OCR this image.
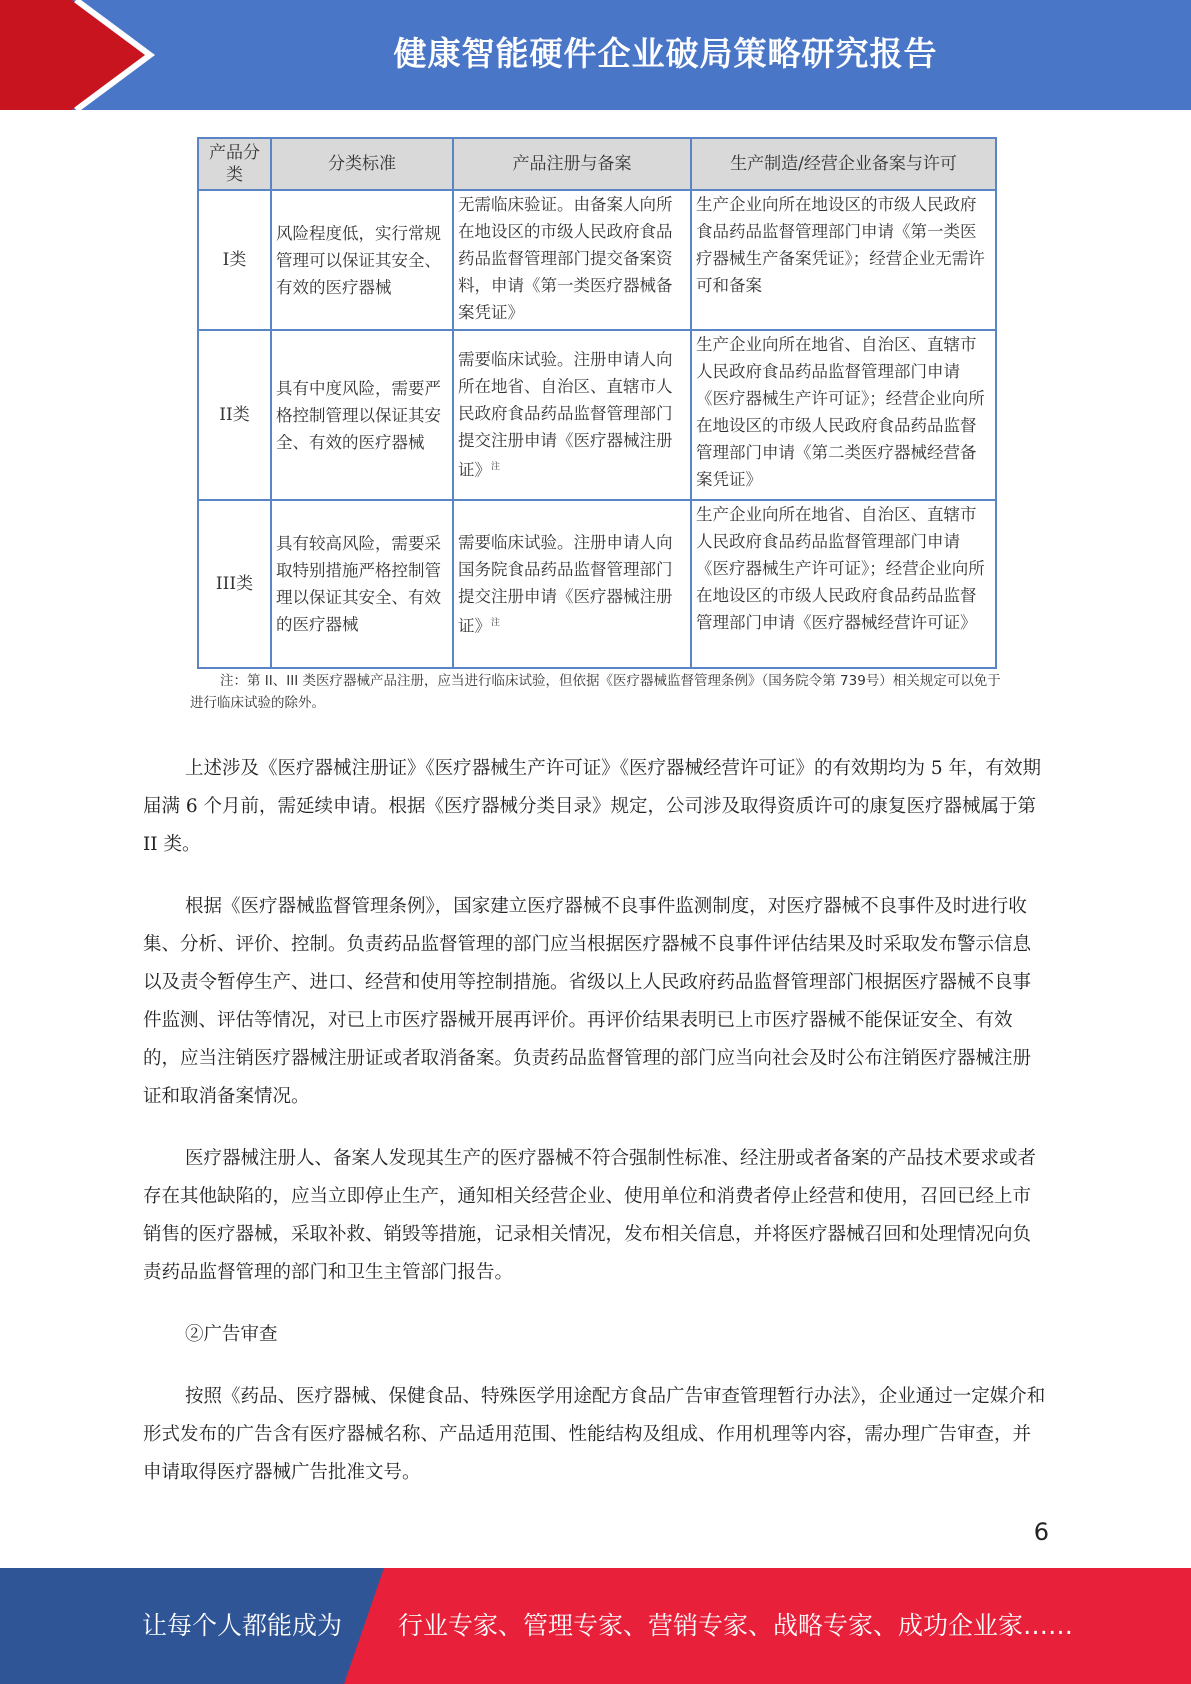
健康智能硬件企业破局策略研究报告
产品分类	分类标准	产品注册与备案	生产制造/经营企业备案与许可
I类	风险程度低，实行常规管理可以保证其安全、有效的医疗器械	无需临床验证。由备案人向所在地设区的市级人民政府食品药品监督管理部门提交备案资料，申请《第一类医疗器械备案凭证》	生产企业向所在地设区的市级人民政府食品药品监督管理部门申请《第一类医疗器械生产备案凭证》；经营企业无需许可和备案
II类	具有中度风险，需要严格控制管理以保证其安全、有效的医疗器械	需要临床试验。注册申请人向所在地省、自治区、直辖市人民政府食品药品监督管理部门提交注册申请《医疗器械注册证》$^注$	生产企业向所在地省、自治区、直辖市人民政府食品药品监督管理部门申请《医疗器械生产许可证》；经营企业向所在地设区的市级人民政府食品药品监督管理部门申请《第二类医疗器械经营备案凭证》
III类	具有较高风险，需要采取特别措施严格控制管理以保证其安全、有效的医疗器械	需要临床试验。注册申请人向国务院食品药品监督管理部门提交注册申请《医疗器械注册证》$^注$	生产企业向所在地省、自治区、直辖市人民政府食品药品监督管理部门申请《医疗器械生产许可证》；经营企业向所在地设区的市级人民政府食品药品监督管理部门申请《医疗器械经营许可证》
注：第 II、III 类医疗器械产品注册，应当进行临床试验，但依据《医疗器械监督管理条例》（国务院令第 739号）相关规定可以免于进行临床试验的除外。

上述涉及《医疗器械注册证》《医疗器械生产许可证》《医疗器械经营许可证》的有效期均为 5 年，有效期届满 6 个月前，需延续申请。根据《医疗器械分类目录》规定，公司涉及取得资质许可的康复医疗器械属于第 II 类。

根据《医疗器械监督管理条例》，国家建立医疗器械不良事件监测制度，对医疗器械不良事件及时进行收集、分析、评价、控制。负责药品监督管理的部门应当根据医疗器械不良事件评估结果及时采取发布警示信息以及责令暂停生产、进口、经营和使用等控制措施。省级以上人民政府药品监督管理部门根据医疗器械不良事件监测、评估等情况，对已上市医疗器械开展再评价。再评价结果表明已上市医疗器械不能保证安全、有效的，应当注销医疗器械注册证或者取消备案。负责药品监督管理的部门应当向社会及时公布注销医疗器械注册证和取消备案情况。

医疗器械注册人、备案人发现其生产的医疗器械不符合强制性标准、经注册或者备案的产品技术要求或者存在其他缺陷的，应当立即停止生产，通知相关经营企业、使用单位和消费者停止经营和使用，召回已经上市销售的医疗器械，采取补救、销毁等措施，记录相关情况，发布相关信息，并将医疗器械召回和处理情况向负责药品监督管理的部门和卫生主管部门报告。

②广告审查

按照《药品、医疗器械、保健食品、特殊医学用途配方食品广告审查管理暂行办法》，企业通过一定媒介和形式发布的广告含有医疗器械名称、产品适用范围、性能结构及组成、作用机理等内容，需办理广告审查，并申请取得医疗器械广告批准文号。

6
让每个人都能成为 行业专家、管理专家、营销专家、战略专家、成功企业家……
